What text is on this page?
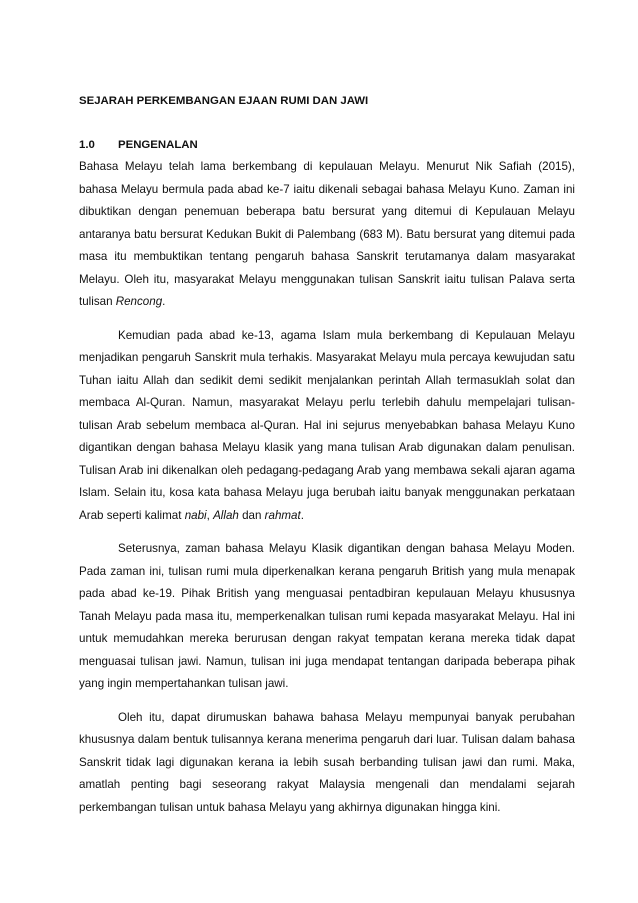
SEJARAH PERKEMBANGAN EJAAN RUMI DAN JAWI

1.0	PENGENALAN

Bahasa Melayu telah lama berkembang di kepulauan Melayu. Menurut Nik Safiah (2015), bahasa Melayu bermula pada abad ke-7 iaitu dikenali sebagai bahasa Melayu Kuno. Zaman ini dibuktikan dengan penemuan beberapa batu bersurat yang ditemui di Kepulauan Melayu antaranya batu bersurat Kedukan Bukit di Palembang (683 M). Batu bersurat yang ditemui pada masa itu membuktikan tentang pengaruh bahasa Sanskrit terutamanya dalam masyarakat Melayu. Oleh itu, masyarakat Melayu menggunakan tulisan Sanskrit iaitu tulisan Palava serta tulisan Rencong.

Kemudian pada abad ke-13, agama Islam mula berkembang di Kepulauan Melayu menjadikan pengaruh Sanskrit mula terhakis. Masyarakat Melayu mula percaya kewujudan satu Tuhan iaitu Allah dan sedikit demi sedikit menjalankan perintah Allah termasuklah solat dan membaca Al-Quran. Namun, masyarakat Melayu perlu terlebih dahulu mempelajari tulisan-tulisan Arab sebelum membaca al-Quran. Hal ini sejurus menyebabkan bahasa Melayu Kuno digantikan dengan bahasa Melayu klasik yang mana tulisan Arab digunakan dalam penulisan. Tulisan Arab ini dikenalkan oleh pedagang-pedagang Arab yang membawa sekali ajaran agama Islam. Selain itu, kosa kata bahasa Melayu juga berubah iaitu banyak menggunakan perkataan Arab seperti kalimat nabi, Allah dan rahmat.

Seterusnya, zaman bahasa Melayu Klasik digantikan dengan bahasa Melayu Moden. Pada zaman ini, tulisan rumi mula diperkenalkan kerana pengaruh British yang mula menapak pada abad ke-19. Pihak British yang menguasai pentadbiran kepulauan Melayu khususnya Tanah Melayu pada masa itu, memperkenalkan tulisan rumi kepada masyarakat Melayu. Hal ini untuk memudahkan mereka berurusan dengan rakyat tempatan kerana mereka tidak dapat menguasai tulisan jawi. Namun, tulisan ini juga mendapat tentangan daripada beberapa pihak yang ingin mempertahankan tulisan jawi.

Oleh itu, dapat dirumuskan bahawa bahasa Melayu mempunyai banyak perubahan khususnya dalam bentuk tulisannya kerana menerima pengaruh dari luar. Tulisan dalam bahasa Sanskrit tidak lagi digunakan kerana ia lebih susah berbanding tulisan jawi dan rumi. Maka, amatlah penting bagi seseorang rakyat Malaysia mengenali dan mendalami sejarah perkembangan tulisan untuk bahasa Melayu yang akhirnya digunakan hingga kini.
